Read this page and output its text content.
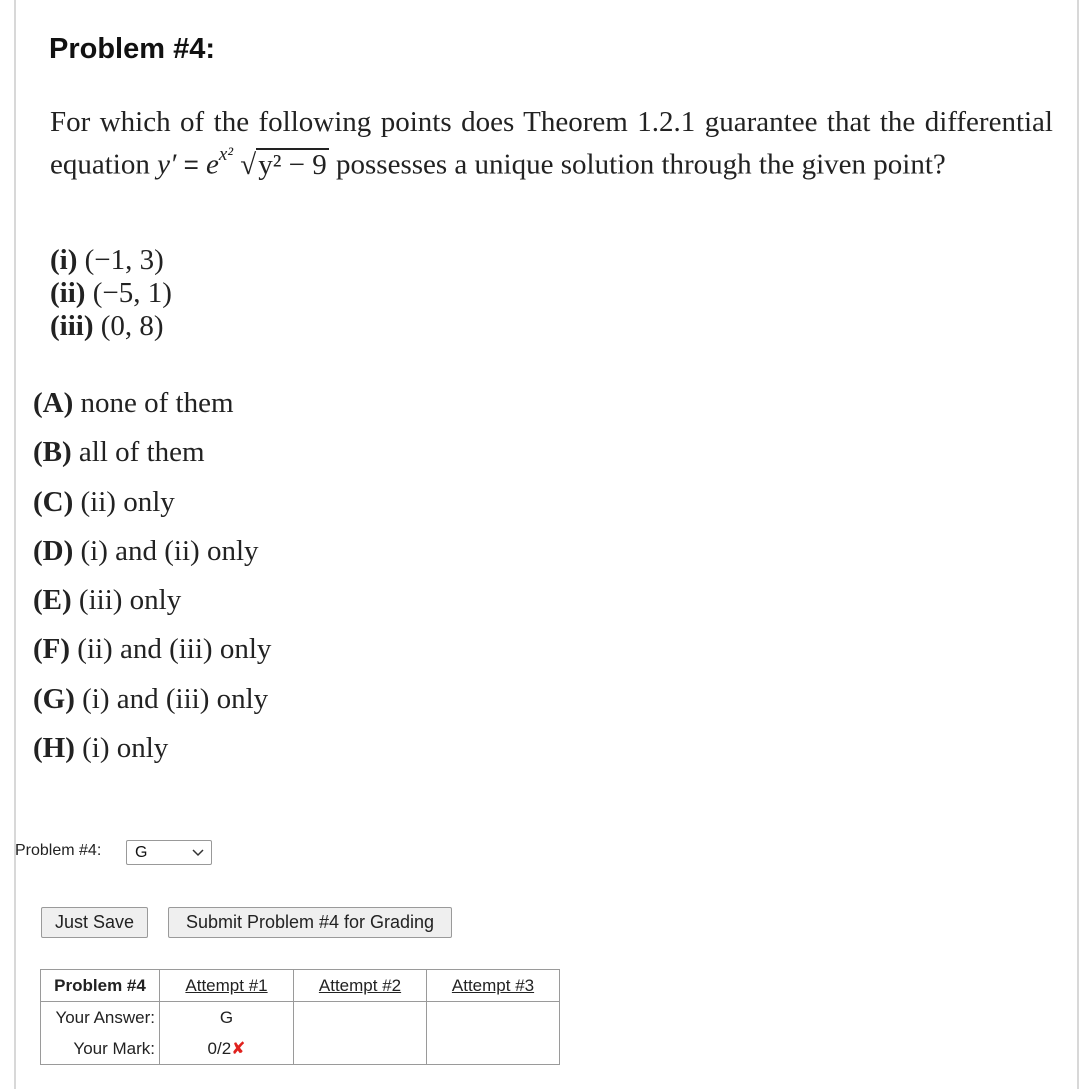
Problem #4:

For which of the following points does Theorem 1.2.1 guarantee that the differential equation $y' = e^{x^2}$ √y² − 9 possesses a unique solution through the given point?

(i) (−1, 3)
(ii) (−5, 1)
(iii) (0, 8)
(A) none of them
(B) all of them
(C) (ii) only
(D) (i) and (ii) only
(E) (iii) only
(F) (ii) and (iii) only
(G) (i) and (iii) only
(H) (i) only
Problem #4: G
Just Save	Submit Problem #4 for Grading
Problem #4	Attempt #1	Attempt #2	Attempt #3
Your Answer:	G		
Your Mark:	0/2✘		
